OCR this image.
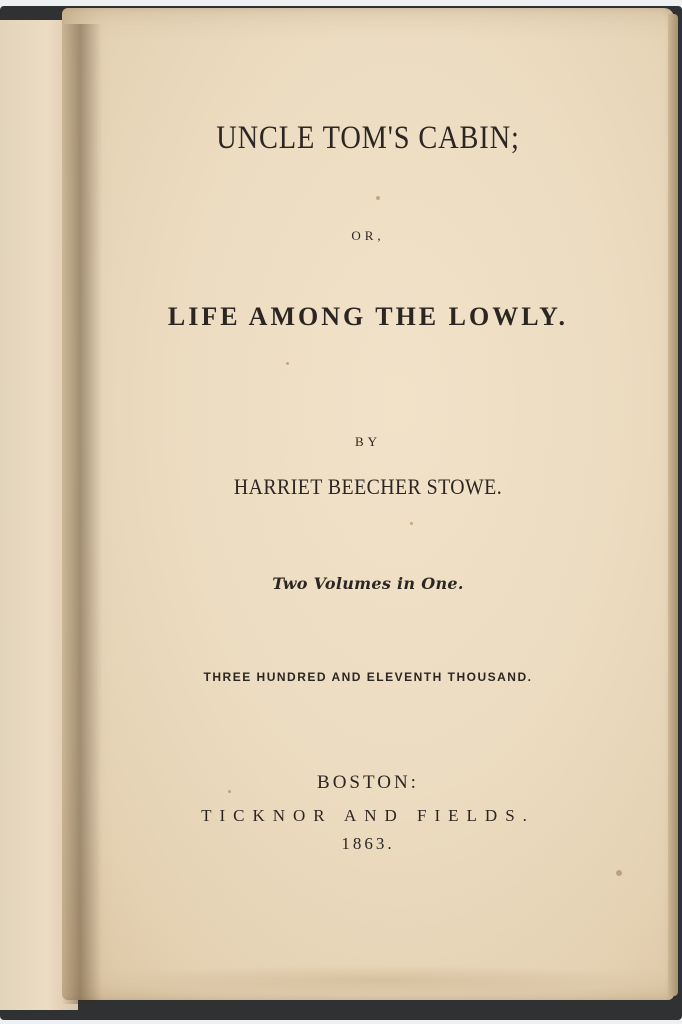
UNCLE TOM'S CABIN;
OR,
LIFE AMONG THE LOWLY.
BY
HARRIET BEECHER STOWE.
Two Volumes in One.
THREE HUNDRED AND ELEVENTH THOUSAND.
BOSTON:
TICKNOR AND FIELDS.
1863.
